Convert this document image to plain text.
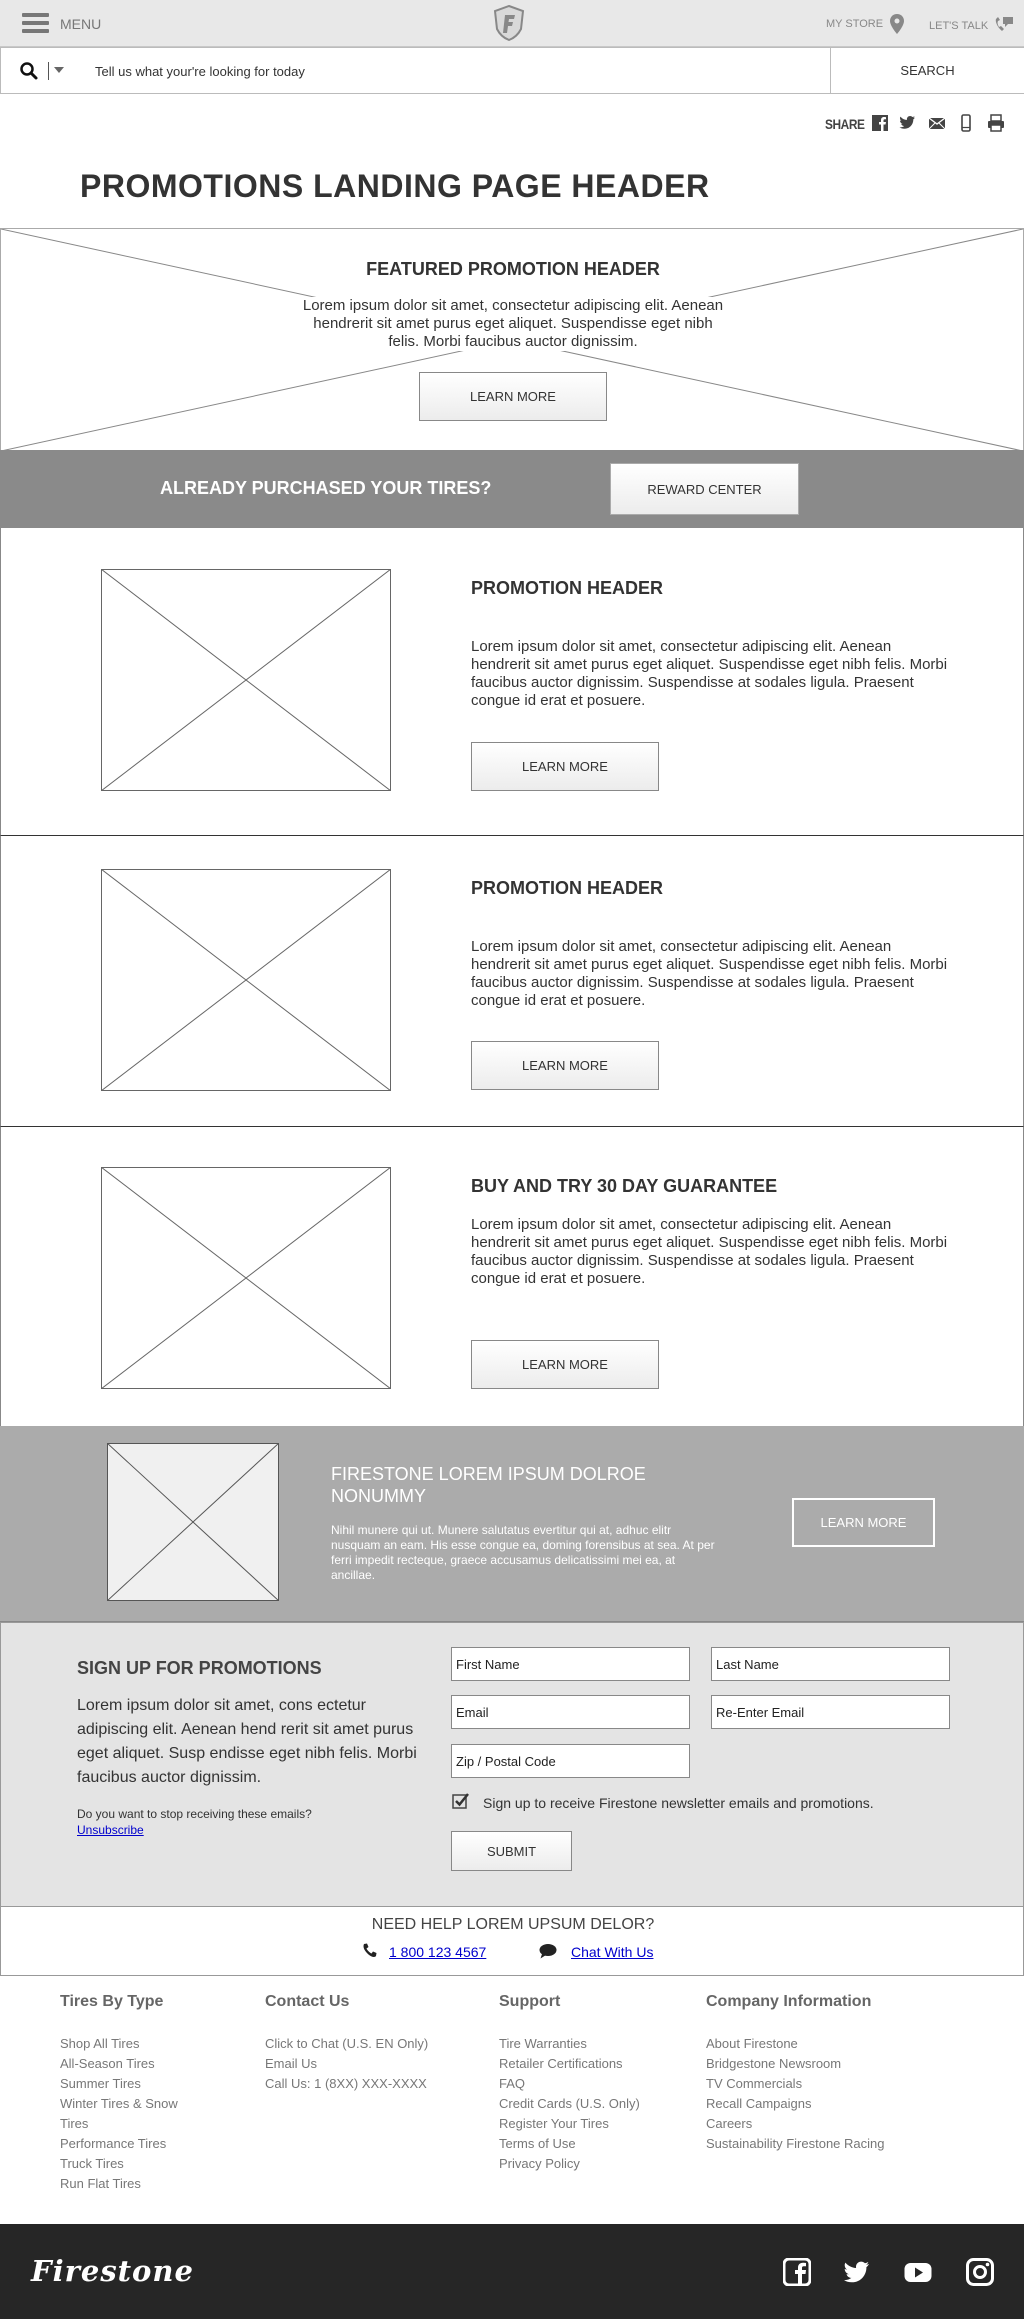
MENU	MY STORE	LET'S TALK
Tell us what your're looking for today
SEARCH
SHARE
PROMOTIONS LANDING PAGE HEADER
FEATURED PROMOTION HEADER
Lorem ipsum dolor sit amet, consectetur adipiscing elit. Aenean hendrerit sit amet purus eget aliquet. Suspendisse eget nibh felis. Morbi faucibus auctor dignissim.
LEARN MORE
ALREADY PURCHASED YOUR TIRES?	REWARD CENTER
PROMOTION HEADER
Lorem ipsum dolor sit amet, consectetur adipiscing elit. Aenean hendrerit sit amet purus eget aliquet. Suspendisse eget nibh felis. Morbi faucibus auctor dignissim. Suspendisse at sodales ligula. Praesent congue id erat et posuere.
LEARN MORE
PROMOTION HEADER
Lorem ipsum dolor sit amet, consectetur adipiscing elit. Aenean hendrerit sit amet purus eget aliquet. Suspendisse eget nibh felis. Morbi faucibus auctor dignissim. Suspendisse at sodales ligula. Praesent congue id erat et posuere.
LEARN MORE
BUY AND TRY 30 DAY GUARANTEE
Lorem ipsum dolor sit amet, consectetur adipiscing elit. Aenean hendrerit sit amet purus eget aliquet. Suspendisse eget nibh felis. Morbi faucibus auctor dignissim. Suspendisse at sodales ligula. Praesent congue id erat et posuere.
LEARN MORE
FIRESTONE LOREM IPSUM DOLROE NONUMMY
Nihil munere qui ut. Munere salutatus evertitur qui at, adhuc elitr nusquam an eam. His esse congue ea, doming forensibus at sea. At per ferri impedit recteque, graece accusamus delicatissimi mei ea, at ancillae.
LEARN MORE
SIGN UP FOR PROMOTIONS
Lorem ipsum dolor sit amet, cons ectetur adipiscing elit. Aenean hend rerit sit amet purus eget aliquet. Susp endisse eget nibh felis. Morbi faucibus auctor dignissim.
Do you want to stop receiving these emails?
Unsubscribe
First Name
Last Name
Email
Re-Enter Email
Zip / Postal Code
Sign up to receive Firestone newsletter emails and promotions.
SUBMIT
NEED HELP LOREM UPSUM DELOR?
1 800 123 4567	Chat With Us
Tires By Type
Shop All Tires
All-Season Tires
Summer Tires
Winter Tires & Snow
Tires
Performance Tires
Truck Tires
Run Flat Tires
Contact Us
Click to Chat (U.S. EN Only)
Email Us
Call Us: 1 (8XX) XXX-XXXX
Support
Tire Warranties
Retailer Certifications
FAQ
Credit Cards (U.S. Only)
Register Your Tires
Terms of Use
Privacy Policy
Company Information
About Firestone
Bridgestone Newsroom
TV Commercials
Recall Campaigns
Careers
Sustainability Firestone Racing
Firestone
